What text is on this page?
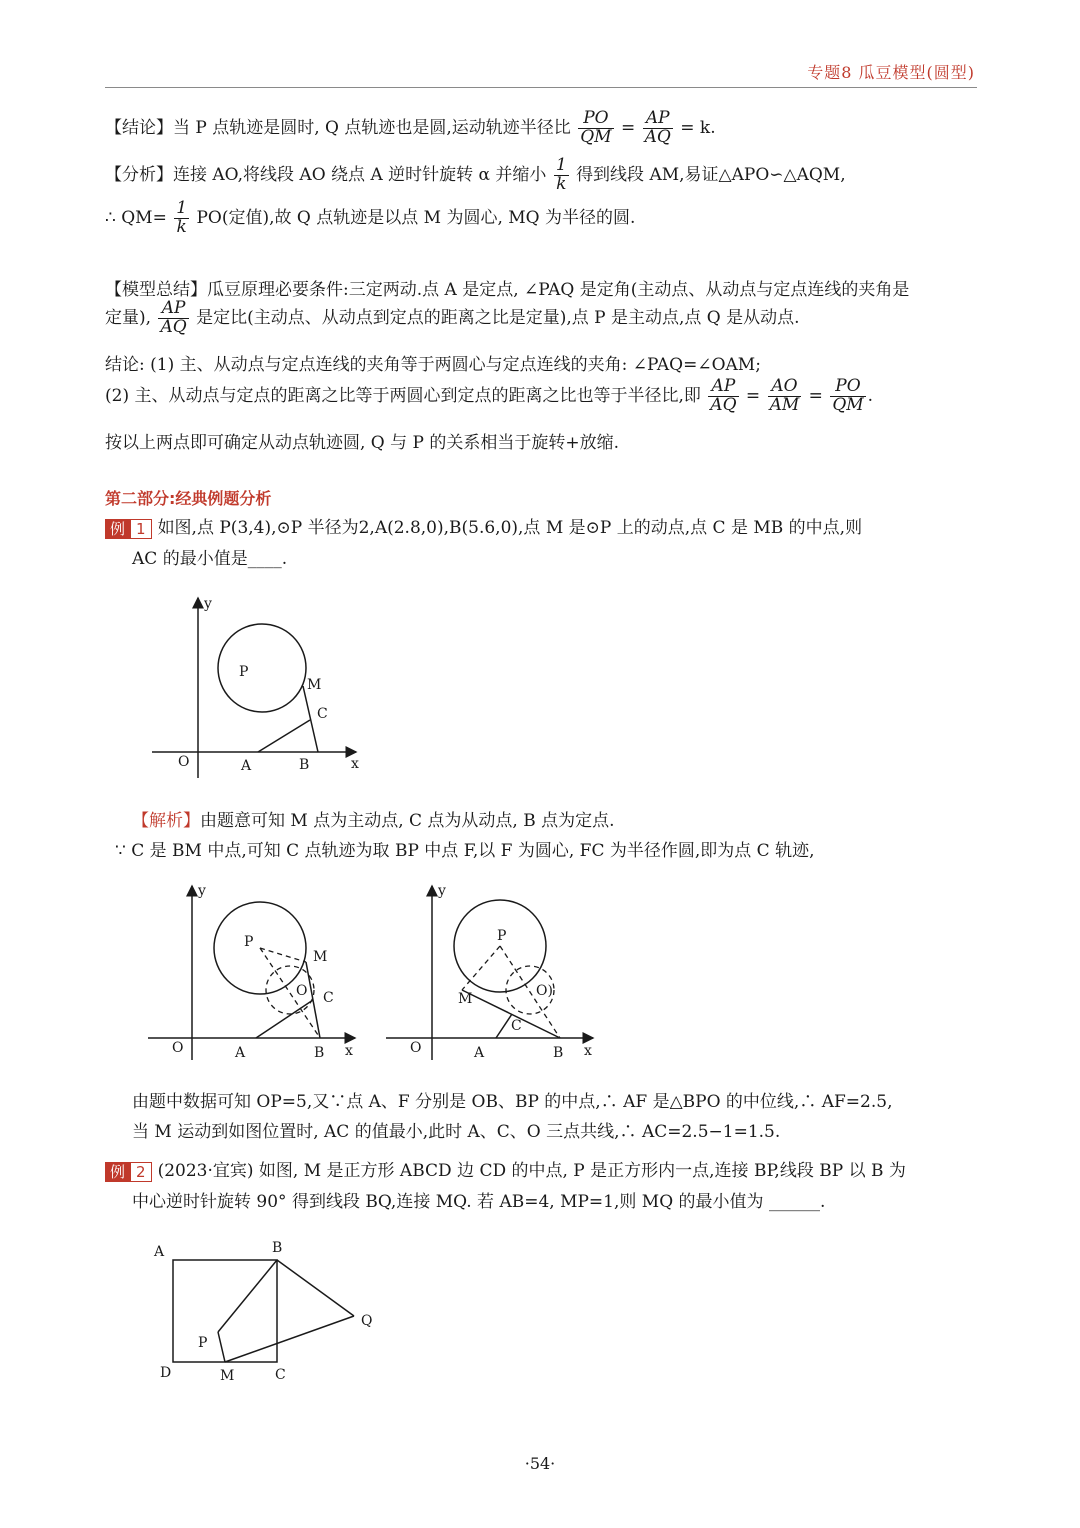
专题8 瓜豆模型(圆型)
【结论】当 P 点轨迹是圆时, Q 点轨迹也是圆,运动轨迹半径比 $\frac{PO}{QM} = \frac{AP}{AQ} = k$.
【分析】连接 AO,将线段 AO 绕点 A 逆时针旋转 α 并缩小 $\frac{1}{k}$ 得到线段 AM,易证△APO∽△AQM,
∴ $QM= \frac{1}{k} PO$(定值),故 Q 点轨迹是以点 M 为圆心, MQ 为半径的圆.
【模型总结】瓜豆原理必要条件:三定两动.点 A 是定点, ∠PAQ 是定角(主动点、从动点与定点连线的夹角是
定量), $\frac{AP}{AQ}$ 是定比(主动点、从动点到定点的距离之比是定量),点 P 是主动点,点 Q 是从动点.
结论: (1) 主、从动点与定点连线的夹角等于两圆心与定点连线的夹角: ∠PAQ=∠OAM;
(2) 主、从动点与定点的距离之比等于两圆心到定点的距离之比也等于半径比,即 $\frac{AP}{AQ} = \frac{AO}{AM} = \frac{PO}{QM}$ .
按以上两点即可确定从动点轨迹圆, Q 与 P 的关系相当于旋转+放缩.
第二部分:经典例题分析
例 1 如图,点 P(3,4),⊙P 半径为2,A(2.8,0),B(5.6,0),点 M 是⊙P 上的动点,点 C 是 MB 的中点,则
AC 的最小值是____.
y
x
O	A	B
P
M
C
【解析】由题意可知 M 点为主动点, C 点为从动点, B 点为定点.
∵ C 是 BM 中点,可知 C 点轨迹为取 BP 中点 F,以 F 为圆心, FC 为半径作圆,即为点 C 轨迹,
y
x
O	A	B
P
M
C
O
y
x
O	A	B
P
M
C
O)
由题中数据可知 OP=5,又∵点 A、F 分别是 OB、BP 的中点,∴ AF 是△BPO 的中位线,∴ AF=2.5,
当 M 运动到如图位置时, AC 的值最小,此时 A、C、O 三点共线,∴ AC=2.5−1=1.5.
例 2 (2023·宜宾) 如图, M 是正方形 ABCD 边 CD 的中点, P 是正方形内一点,连接 BP,线段 BP 以 B 为
中心逆时针旋转 90° 得到线段 BQ,连接 MQ. 若 AB=4, MP=1,则 MQ 的最小值为 ______.
A	B
C
D	M
P
Q
·54·
